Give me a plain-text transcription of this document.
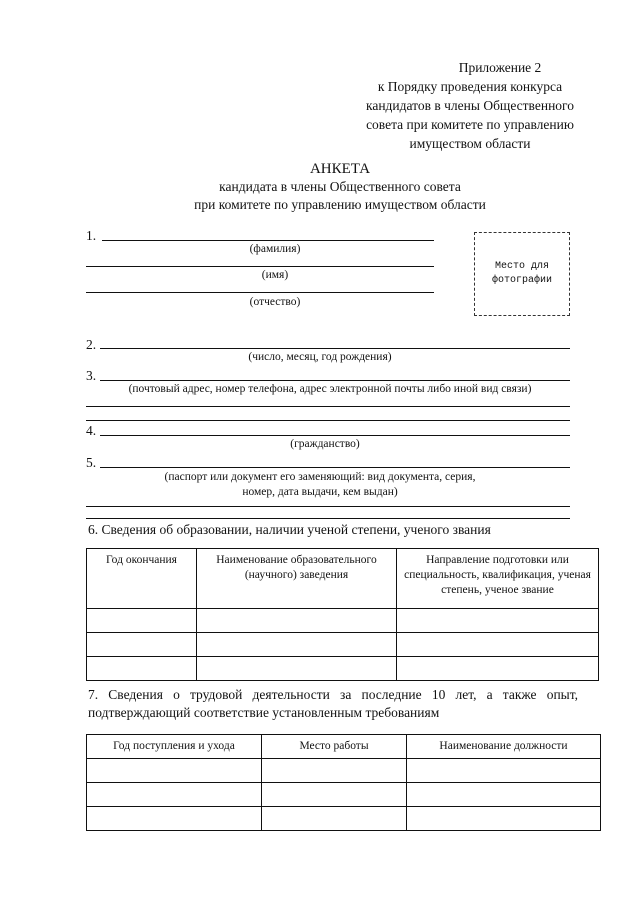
Приложение 2
к Порядку проведения конкурса
кандидатов в члены Общественного
совета при комитете по управлению
имуществом области
АНКЕТА
кандидата в члены Общественного совета
при комитете по управлению имуществом области
1.
(фамилия)
(имя)
(отчество)
Место для
фотографии
2.
(число, месяц, год рождения)
3.
(почтовый адрес, номер телефона, адрес электронной почты либо иной вид связи)
4.
(гражданство)
5.
(паспорт или документ его заменяющий: вид документа, серия,
номер, дата выдачи, кем выдан)
6. Сведения об образовании, наличии ученой степени, ученого звания
Год окончания	Наименование образовательного (научного) заведения	Направление подготовки или специальность, квалификация, ученая степень, ученое звание

7. Сведения о трудовой деятельности за последние 10 лет, а также опыт,
подтверждающий соответствие установленным требованиям
Год поступления и ухода	Место работы	Наименование должности
